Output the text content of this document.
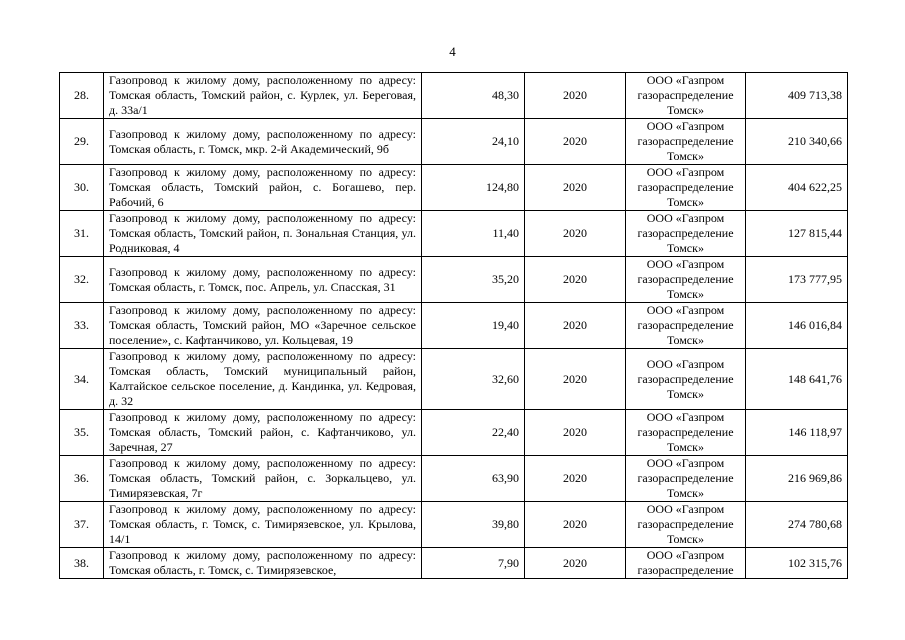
4
28.	Газопровод к жилому дому, расположенному по адресу: Томская область, Томский район, с. Курлек, ул. Береговая, д. 33а/1	48,30	2020	ООО «Газпром
газораспределение
Томск»	409 713,38
29.	Газопровод к жилому дому, расположенному по адресу: Томская область, г. Томск, мкр. 2-й Академический, 9б	24,10	2020	ООО «Газпром
газораспределение
Томск»	210 340,66
30.	Газопровод к жилому дому, расположенному по адресу: Томская область, Томский район, с. Богашево, пер. Рабочий, 6	124,80	2020	ООО «Газпром
газораспределение
Томск»	404 622,25
31.	Газопровод к жилому дому, расположенному по адресу: Томская область, Томский район, п. Зональная Станция, ул. Родниковая, 4	11,40	2020	ООО «Газпром
газораспределение
Томск»	127 815,44
32.	Газопровод к жилому дому, расположенному по адресу: Томская область, г. Томск, пос. Апрель, ул. Спасская, 31	35,20	2020	ООО «Газпром
газораспределение
Томск»	173 777,95
33.	Газопровод к жилому дому, расположенному по адресу: Томская область, Томский район, МО «Заречное сельское поселение», с. Кафтанчиково, ул. Кольцевая, 19	19,40	2020	ООО «Газпром
газораспределение
Томск»	146 016,84
34.	Газопровод к жилому дому, расположенному по адресу: Томская область, Томский муниципальный район, Калтайское сельское поселение, д. Кандинка, ул. Кедровая, д. 32	32,60	2020	ООО «Газпром
газораспределение
Томск»	148 641,76
35.	Газопровод к жилому дому, расположенному по адресу: Томская область, Томский район, с. Кафтанчиково, ул. Заречная, 27	22,40	2020	ООО «Газпром
газораспределение
Томск»	146 118,97
36.	Газопровод к жилому дому, расположенному по адресу: Томская область, Томский район, с. Зоркальцево, ул. Тимирязевская, 7г	63,90	2020	ООО «Газпром
газораспределение
Томск»	216 969,86
37.	Газопровод к жилому дому, расположенному по адресу: Томская область, г. Томск, с. Тимирязевское, ул. Крылова, 14/1	39,80	2020	ООО «Газпром
газораспределение
Томск»	274 780,68
38.	Газопровод к жилому дому, расположенному по адресу: Томская область, г. Томск, с. Тимирязевское,	7,90	2020	ООО «Газпром
газораспределение	102 315,76
